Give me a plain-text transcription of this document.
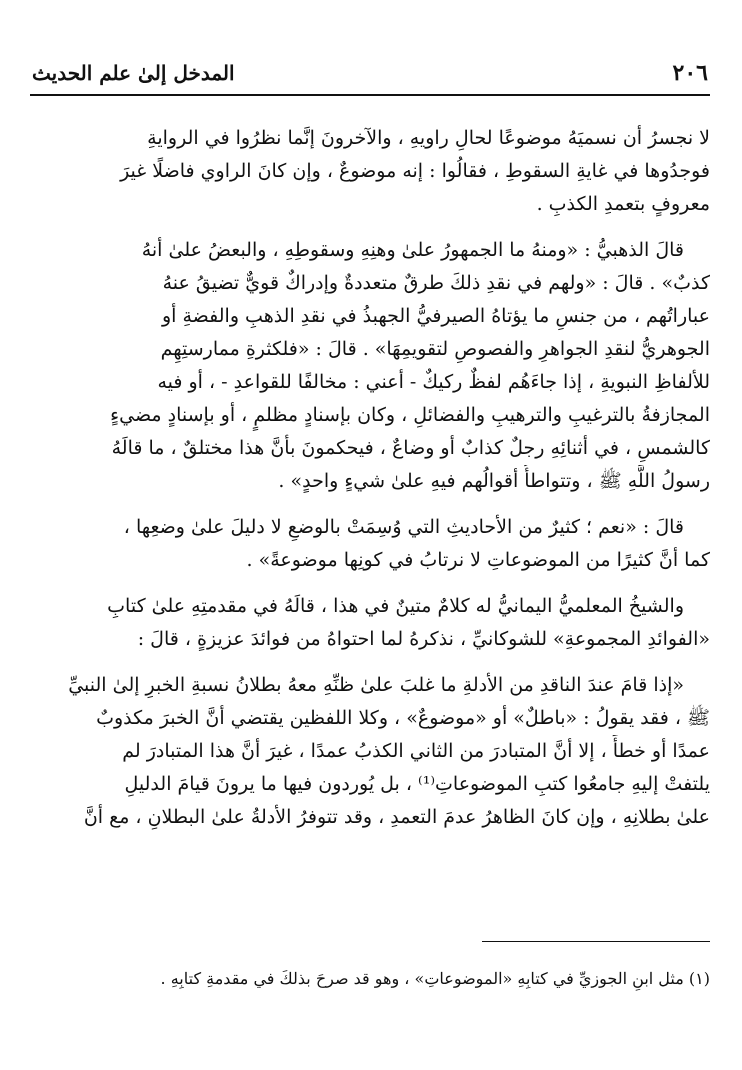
٢٠٦
المدخل إلىٰ علم الحديث
لا نجسرُ أن نسميَهُ موضوعًا لحالِ راويهِ ، والآخرونَ إنَّما نظرُوا في الروايةِ
فوجدُوها في غايةِ السقوطِ ، فقالُوا : إنه موضوعٌ ، وإن كانَ الراوي فاضلًا غيرَ
معروفٍ بتعمدِ الكذبِ .
قالَ الذهبيُّ : «ومنهُ ما الجمهورُ علىٰ وهنِهِ وسقوطِهِ ، والبعضُ علىٰ أنهُ
كذبٌ» . قالَ : «ولهم في نقدِ ذلكَ طرقٌ متعددةٌ وإدراكٌ قويٌّ تضيقُ عنهُ
عباراتُهم ، من جنسِ ما يؤتاهُ الصيرفيُّ الجهبذُ في نقدِ الذهبِ والفضةِ أو
الجوهريُّ لنقدِ الجواهرِ والفصوصِ لتقويمِهَا» . قالَ : «فلكثرةِ ممارستِهِم
للألفاظِ النبويةِ ، إذا جاءَهُم لفظٌ ركيكٌ - أعني : مخالفًا للقواعدِ - ، أو فيه
المجازفةُ بالترغيبِ والترهيبِ والفضائلِ ، وكان بإسنادٍ مظلمٍ ، أو بإسنادٍ مضيءٍ
كالشمسِ ، في أثنائِهِ رجلٌ كذابٌ أو وضاعٌ ، فيحكمونَ بأنَّ هذا مختلقٌ ، ما قالَهُ
رسولُ اللَّهِ ﷺ ، وتتواطأُ أقوالُهم فيهِ علىٰ شيءٍ واحدٍ» .
قالَ : «نعم ؛ كثيرٌ من الأحاديثِ التي وُسِمَتْ بالوضعِ لا دليلَ علىٰ وضعِها ،
كما أنَّ كثيرًا من الموضوعاتِ لا نرتابُ في كونِها موضوعةً» .
والشيخُ المعلميُّ اليمانيُّ له كلامٌ متينٌ في هذا ، قالَهُ في مقدمتِهِ علىٰ كتابِ
«الفوائدِ المجموعةِ» للشوكانيِّ ، نذكرهُ لما احتواهُ من فوائدَ عزيزةٍ ، قالَ :
«إذا قامَ عندَ الناقدِ من الأدلةِ ما غلبَ علىٰ ظنِّهِ معهُ بطلانُ نسبةِ الخبرِ إلىٰ النبيِّ
ﷺ ، فقد يقولُ : «باطلٌ» أو «موضوعٌ» ، وكلا اللفظين يقتضي أنَّ الخبرَ مكذوبٌ
عمدًا أو خطأً ، إلا أنَّ المتبادرَ من الثاني الكذبُ عمدًا ، غيرَ أنَّ هذا المتبادرَ لم
يلتفتْ إليهِ جامعُوا كتبِ الموضوعاتِ⁽¹⁾ ، بل يُوردون فيها ما يرونَ قيامَ الدليلِ
علىٰ بطلانِهِ ، وإن كانَ الظاهرُ عدمَ التعمدِ ، وقد تتوفرُ الأدلةُ علىٰ البطلانِ ، مع أنَّ
(١) مثل ابنِ الجوزيِّ في كتابِهِ «الموضوعاتِ» ، وهو قد صرحَ بذلكَ في مقدمةِ كتابِهِ .
